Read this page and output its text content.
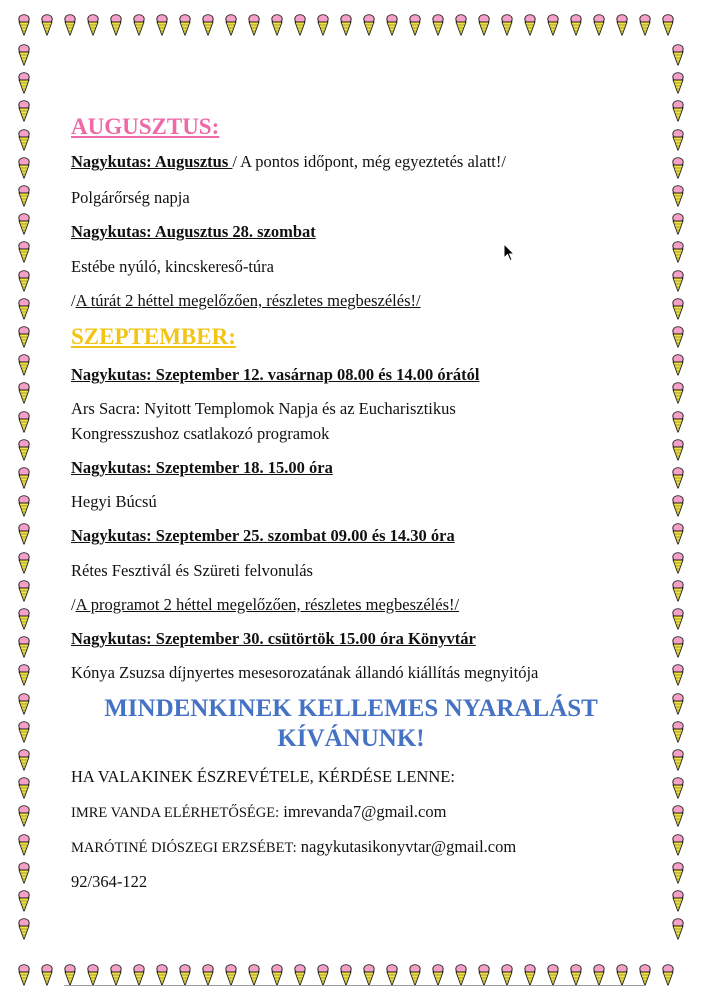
AUGUSZTUS:
Nagykutas: Augusztus / A pontos időpont, még egyeztetés alatt!/
Polgárőrség napja
Nagykutas: Augusztus 28. szombat
Estébe nyúló, kincskereső-túra
/A túrát 2 héttel megelőzően, részletes megbeszélés!/
SZEPTEMBER:
Nagykutas: Szeptember 12. vasárnap 08.00 és 14.00 órától
Ars Sacra: Nyitott Templomok Napja és az Eucharisztikus
Kongresszushoz csatlakozó programok
Nagykutas: Szeptember 18. 15.00 óra
Hegyi Búcsú
Nagykutas: Szeptember 25. szombat 09.00 és 14.30 óra
Rétes Fesztivál és Szüreti felvonulás
/A programot 2 héttel megelőzően, részletes megbeszélés!/
Nagykutas: Szeptember 30. csütörtök 15.00 óra Könyvtár
Kónya Zsuzsa díjnyertes mesesorozatának állandó kiállítás megnyitója
MINDENKINEK KELLEMES NYARALÁST
KÍVÁNUNK!
HA VALAKINEK ÉSZREVÉTELE, KÉRDÉSE LENNE:
IMRE VANDA ELÉRHETŐSÉGE: imrevanda7@gmail.com
MARÓTINÉ DIÓSZEGI ERZSÉBET: nagykutasikonyvtar@gmail.com
92/364-122
